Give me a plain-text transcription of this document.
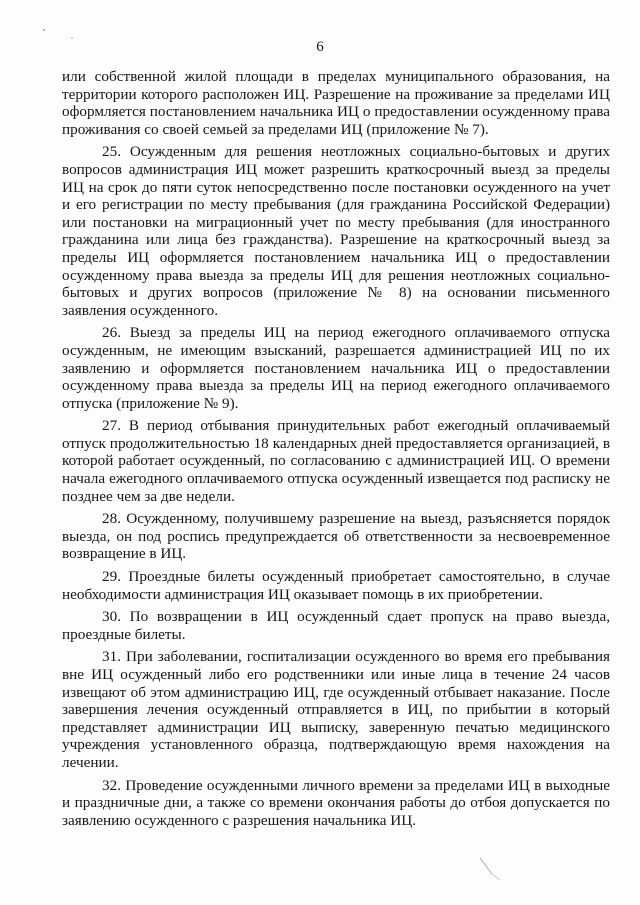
6

или собственной жилой площади в пределах муниципального образования, на территории которого расположен ИЦ. Разрешение на проживание за пределами ИЦ оформляется постановлением начальника ИЦ о предоставлении осужденному права проживания со своей семьей за пределами ИЦ (приложение № 7).

25. Осужденным для решения неотложных социально-бытовых и других вопросов администрация ИЦ может разрешить краткосрочный выезд за пределы ИЦ на срок до пяти суток непосредственно после постановки осужденного на учет и его регистрации по месту пребывания (для гражданина Российской Федерации) или постановки на миграционный учет по месту пребывания (для иностранного гражданина или лица без гражданства). Разрешение на краткосрочный выезд за пределы ИЦ оформляется постановлением начальника ИЦ о предоставлении осужденному права выезда за пределы ИЦ для решения неотложных социально-бытовых и других вопросов (приложение № 8) на основании письменного заявления осужденного.

26. Выезд за пределы ИЦ на период ежегодного оплачиваемого отпуска осужденным, не имеющим взысканий, разрешается администрацией ИЦ по их заявлению и оформляется постановлением начальника ИЦ о предоставлении осужденному права выезда за пределы ИЦ на период ежегодного оплачиваемого отпуска (приложение № 9).

27. В период отбывания принудительных работ ежегодный оплачиваемый отпуск продолжительностью 18 календарных дней предоставляется организацией, в которой работает осужденный, по согласованию с администрацией ИЦ. О времени начала ежегодного оплачиваемого отпуска осужденный извещается под расписку не позднее чем за две недели.

28. Осужденному, получившему разрешение на выезд, разъясняется порядок выезда, он под роспись предупреждается об ответственности за несвоевременное возвращение в ИЦ.

29. Проездные билеты осужденный приобретает самостоятельно, в случае необходимости администрация ИЦ оказывает помощь в их приобретении.

30. По возвращении в ИЦ осужденный сдает пропуск на право выезда, проездные билеты.

31. При заболевании, госпитализации осужденного во время его пребывания вне ИЦ осужденный либо его родственники или иные лица в течение 24 часов извещают об этом администрацию ИЦ, где осужденный отбывает наказание. После завершения лечения осужденный отправляется в ИЦ, по прибытии в который представляет администрации ИЦ выписку, заверенную печатью медицинского учреждения установленного образца, подтверждающую время нахождения на лечении.

32. Проведение осужденными личного времени за пределами ИЦ в выходные и праздничные дни, а также со времени окончания работы до отбоя допускается по заявлению осужденного с разрешения начальника ИЦ.
